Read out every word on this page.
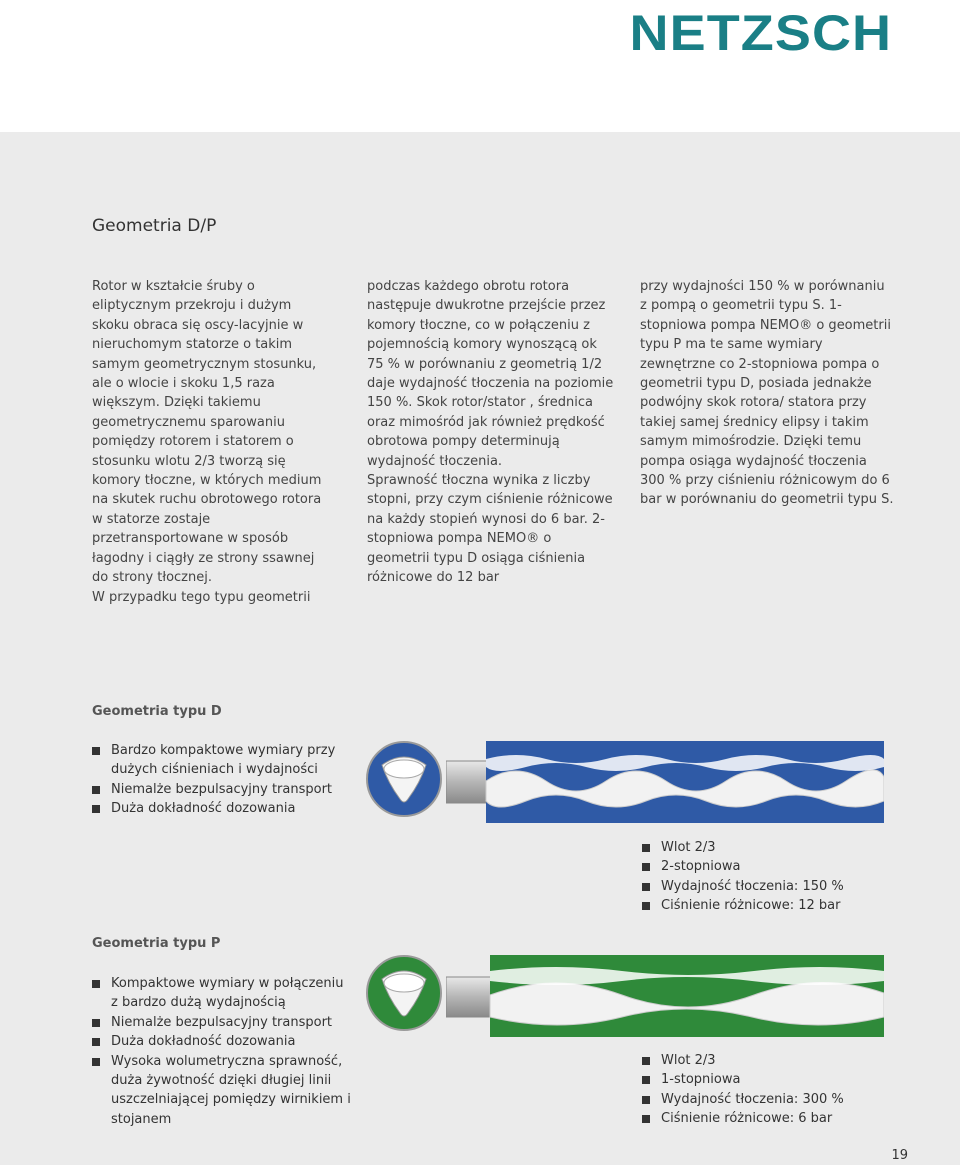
NETZSCH
Geometria D/P

Rotor w kształcie śruby o eliptycznym przekroju i dużym skoku obraca się oscy-lacyjnie w nieruchomym statorze o takim samym geometrycznym stosunku, ale o wlocie i skoku 1,5 raza większym. Dzięki takiemu geometrycznemu sparowaniu pomiędzy rotorem i statorem o stosunku wlotu 2/3 tworzą się komory tłoczne, w których medium na skutek ruchu obrotowego rotora w statorze zostaje przetransportowane w sposób łagodny i ciągły ze strony ssawnej do strony tłocznej.

W przypadku tego typu geometrii

podczas każdego obrotu rotora następuje dwukrotne przejście przez komory tłoczne, co w połączeniu z pojemnością komory wynoszącą ok 75 % w porównaniu z geometrią 1/2 daje wydajność tłoczenia na poziomie 150 %. Skok rotor/stator , średnica oraz mimośród jak również prędkość obrotowa pompy determinują wydajność tłoczenia.

Sprawność tłoczna wynika z liczby stopni, przy czym ciśnienie różnicowe na każdy stopień wynosi do 6 bar. 2-stopniowa pompa NEMO® o geometrii typu D osiąga ciśnienia różnicowe do 12 bar

przy wydajności 150 % w porównaniu z pompą o geometrii typu S. 1-stopniowa pompa NEMO® o geometrii typu P ma te same wymiary zewnętrzne co 2-stopniowa pompa o geometrii typu D, posiada jednakże podwójny skok rotora/ statora przy takiej samej średnicy elipsy i takim samym mimośrodzie. Dzięki temu pompa osiąga wydajność tłoczenia 300 % przy ciśnieniu różnicowym do 6 bar w porównaniu do geometrii typu S.

Geometria typu D
Bardzo kompaktowe wymiary przy dużych ciśnieniach i wydajności
Niemalże bezpulsacyjny transport
Duża dokładność dozowania
Wlot 2/3
2-stopniowa
Wydajność tłoczenia: 150 %
Ciśnienie różnicowe: 12 bar
Geometria typu P
Kompaktowe wymiary w połączeniu z bardzo dużą wydajnością
Niemalże bezpulsacyjny transport
Duża dokładność dozowania
Wysoka wolumetryczna sprawność, duża żywotność dzięki długiej linii uszczelniającej pomiędzy wirnikiem i stojanem
Wlot 2/3
1-stopniowa
Wydajność tłoczenia: 300 %
Ciśnienie różnicowe: 6 bar
19
